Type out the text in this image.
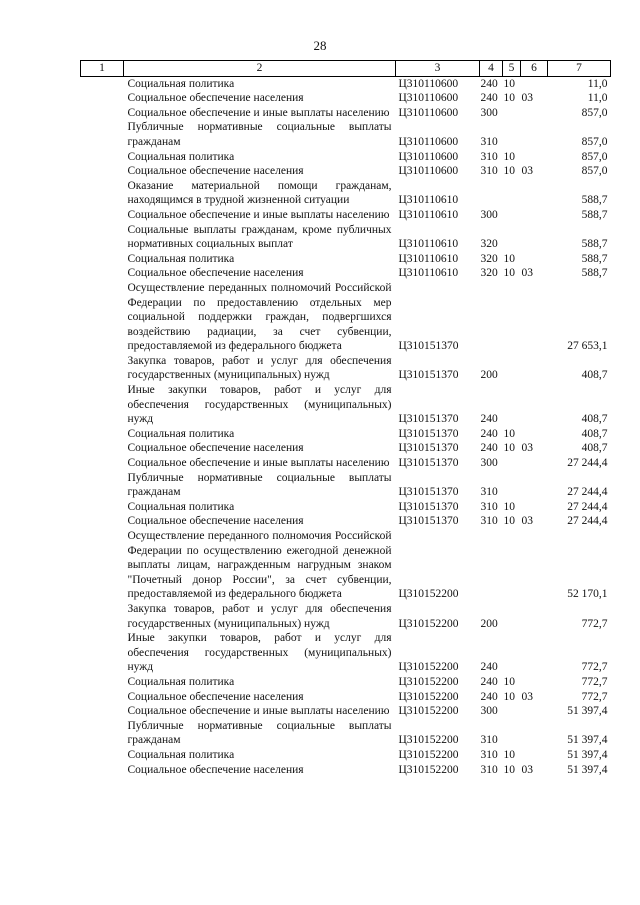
28
1	2	3	4	5	6	7
	Социальная политика	Ц310110600	240	10		11,0
	Социальное обеспечение населения	Ц310110600	240	10	03	11,0
	Социальное обеспечение и иные выплаты населению	Ц310110600	300			857,0
	Публичные нормативные социальные выплаты гражданам	Ц310110600	310			857,0
	Социальная политика	Ц310110600	310	10		857,0
	Социальное обеспечение населения	Ц310110600	310	10	03	857,0
	Оказание материальной помощи гражданам, находящимся в трудной жизненной ситуации	Ц310110610				588,7
	Социальное обеспечение и иные выплаты населению	Ц310110610	300			588,7
	Социальные выплаты гражданам, кроме публичных нормативных социальных выплат	Ц310110610	320			588,7
	Социальная политика	Ц310110610	320	10		588,7
	Социальное обеспечение населения	Ц310110610	320	10	03	588,7
	Осуществление переданных полномочий Российской Федерации по предоставлению отдельных мер социальной поддержки граждан, подвергшихся воздействию радиации, за счет субвенции, предоставляемой из федерального бюджета	Ц310151370				27 653,1
	Закупка товаров, работ и услуг для обеспечения государственных (муниципальных) нужд	Ц310151370	200			408,7
	Иные закупки товаров, работ и услуг для обеспечения государственных (муниципальных) нужд	Ц310151370	240			408,7
	Социальная политика	Ц310151370	240	10		408,7
	Социальное обеспечение населения	Ц310151370	240	10	03	408,7
	Социальное обеспечение и иные выплаты населению	Ц310151370	300			27 244,4
	Публичные нормативные социальные выплаты гражданам	Ц310151370	310			27 244,4
	Социальная политика	Ц310151370	310	10		27 244,4
	Социальное обеспечение населения	Ц310151370	310	10	03	27 244,4
	Осуществление переданного полномочия Российской Федерации по осуществлению ежегодной денежной выплаты лицам, награжденным нагрудным знаком "Почетный донор России", за счет субвенции, предоставляемой из федерального бюджета	Ц310152200				52 170,1
	Закупка товаров, работ и услуг для обеспечения государственных (муниципальных) нужд	Ц310152200	200			772,7
	Иные закупки товаров, работ и услуг для обеспечения государственных (муниципальных) нужд	Ц310152200	240			772,7
	Социальная политика	Ц310152200	240	10		772,7
	Социальное обеспечение населения	Ц310152200	240	10	03	772,7
	Социальное обеспечение и иные выплаты населению	Ц310152200	300			51 397,4
	Публичные нормативные социальные выплаты гражданам	Ц310152200	310			51 397,4
	Социальная политика	Ц310152200	310	10		51 397,4
	Социальное обеспечение населения	Ц310152200	310	10	03	51 397,4
